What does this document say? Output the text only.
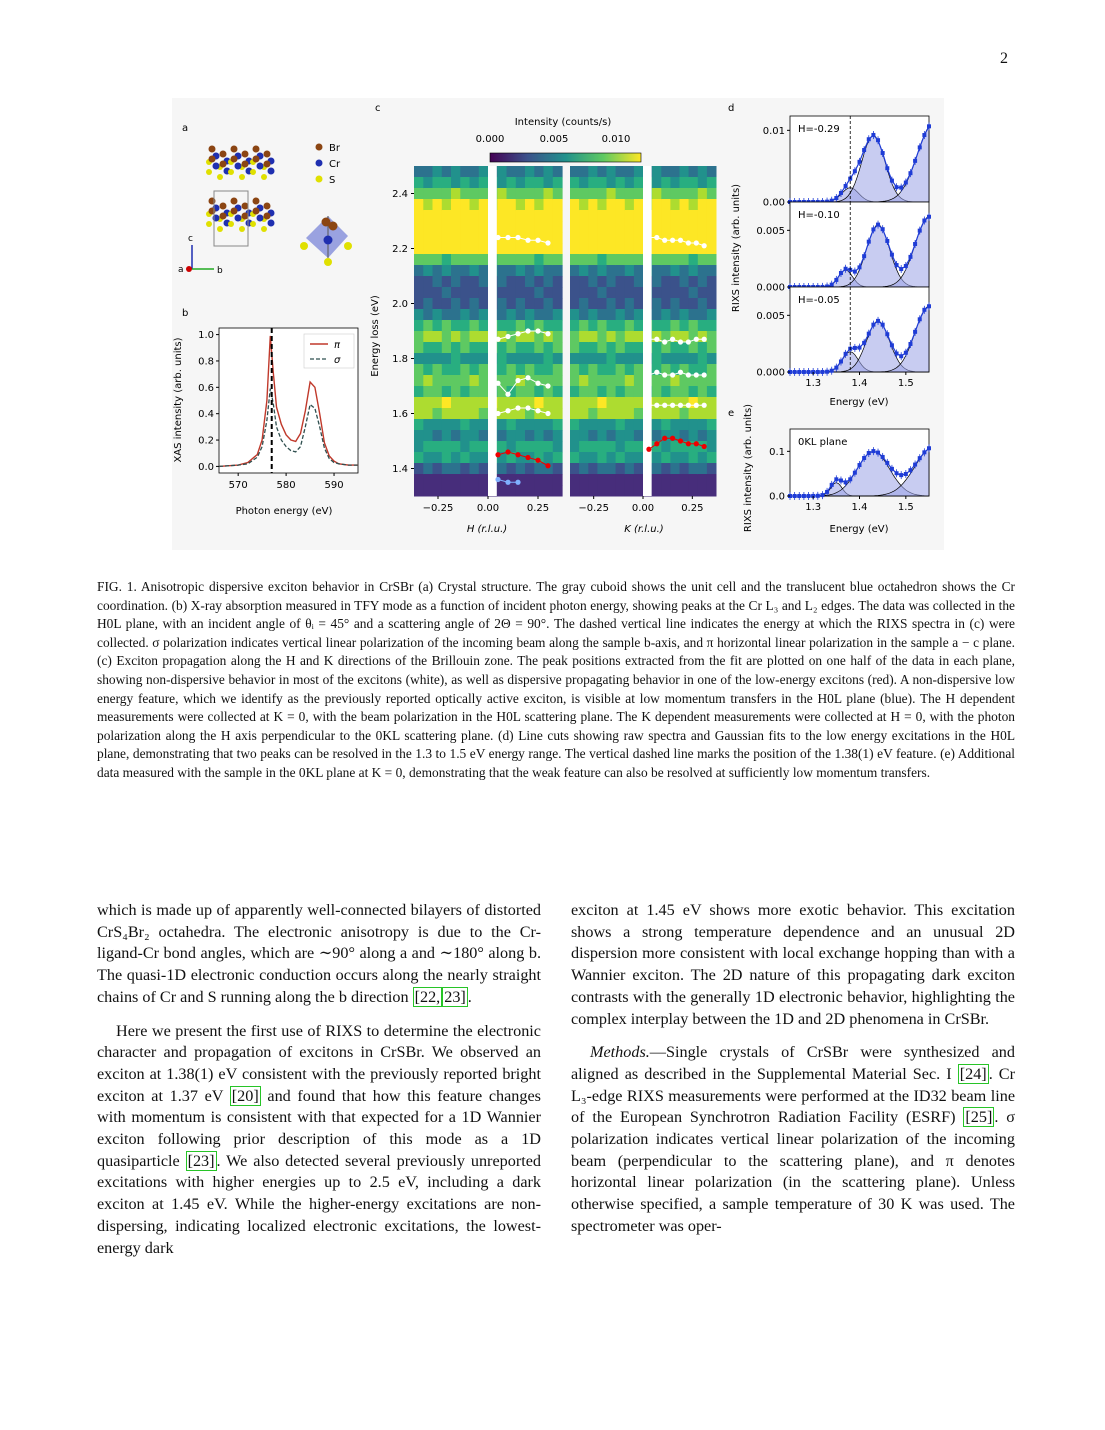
2
a
b
c	d
e
Br
Cr
S
c
a	b
0.0
0.2
0.4
0.6
0.8
1.0
570	580	590
π
σ
Photon energy (eV)
XAS intensity (arb. units)
Intensity (counts/s)
0.000	0.005	0.010
−0.25 0.00	0.25	−0.25 0.00	0.25
1.4
1.6
1.8
2.0
2.2
2.4
Energy loss (eV)
H (r.l.u.)	K (r.l.u.)
0.00
0.01 H=-0.29
0.000
0.005
H=-0.10
0.000
0.005
H=-0.05
1.3	1.4	1.5
0.0
0.1
0KL plane
1.3	1.4	1.5
RIXS intensity (arb. units)
Energy (eV)
RIXS intensity (arb. units)	Energy (eV)
FIG. 1. Anisotropic dispersive exciton behavior in CrSBr (a) Crystal structure. The gray cuboid shows the unit cell and the translucent blue octahedron shows the Cr coordination. (b) X-ray absorption measured in TFY mode as a function of incident photon energy, showing peaks at the Cr L₃ and L₂ edges. The data was collected in the H0L plane, with an incident angle of θᵢ = 45° and a scattering angle of 2Θ = 90°. The dashed vertical line indicates the energy at which the RIXS spectra in (c) were collected. σ polarization indicates vertical linear polarization of the incoming beam along the sample b-axis, and π horizontal linear polarization in the sample a − c plane. (c) Exciton propagation along the H and K directions of the Brillouin zone. The peak positions extracted from the fit are plotted on one half of the data in each plane, showing non-dispersive behavior in most of the excitons (white), as well as dispersive propagating behavior in one of the low-energy excitons (red). A non-dispersive low energy feature, which we identify as the previously reported optically active exciton, is visible at low momentum transfers in the H0L plane (blue). The H dependent measurements were collected at K = 0, with the beam polarization in the H0L scattering plane. The K dependent measurements were collected at H = 0, with the photon polarization along the H axis perpendicular to the 0KL scattering plane. (d) Line cuts showing raw spectra and Gaussian fits to the low energy excitations in the H0L plane, demonstrating that two peaks can be resolved in the 1.3 to 1.5 eV energy range. The vertical dashed line marks the position of the 1.38(1) eV feature. (e) Additional data measured with the sample in the 0KL plane at K = 0, demonstrating that the weak feature can also be resolved at sufficiently low momentum transfers.

which is made up of apparently well-connected bilayers of distorted CrS₄Br₂ octahedra. The electronic anisotropy is due to the Cr-ligand-Cr bond angles, which are ∼90° along a and ∼180° along b. The quasi-1D electronic conduction occurs along the nearly straight chains of Cr and S running along the b direction [22, 23] .

Here we present the first use of RIXS to determine the electronic character and propagation of excitons in CrSBr. We observed an exciton at 1.38(1) eV consistent with the previously reported bright exciton at 1.37 eV [20] and found that how this feature changes with momentum is consistent with that expected for a 1D Wannier exciton following prior description of this mode as a 1D quasiparticle [23] . We also detected several previously unreported excitations with higher energies up to 2.5 eV, including a dark exciton at 1.45 eV. While the higher-energy excitations are non-dispersing, indicating localized electronic excitations, the lowest-energy dark

exciton at 1.45 eV shows more exotic behavior. This excitation shows a strong temperature dependence and an unusual 2D dispersion more consistent with local exchange hopping than with a Wannier exciton. The 2D nature of this propagating dark exciton contrasts with the generally 1D electronic behavior, highlighting the complex interplay between the 1D and 2D phenomena in CrSBr.

Methods.—Single crystals of CrSBr were synthesized and aligned as described in the Supplemental Material Sec. I [24] . Cr L₃-edge RIXS measurements were performed at the ID32 beam line of the European Synchrotron Radiation Facility (ESRF) [25] . σ polarization indicates vertical linear polarization of the incoming beam (perpendicular to the scattering plane), and π denotes horizontal linear polarization (in the scattering plane). Unless otherwise specified, a sample temperature of 30 K was used. The spectrometer was oper-
